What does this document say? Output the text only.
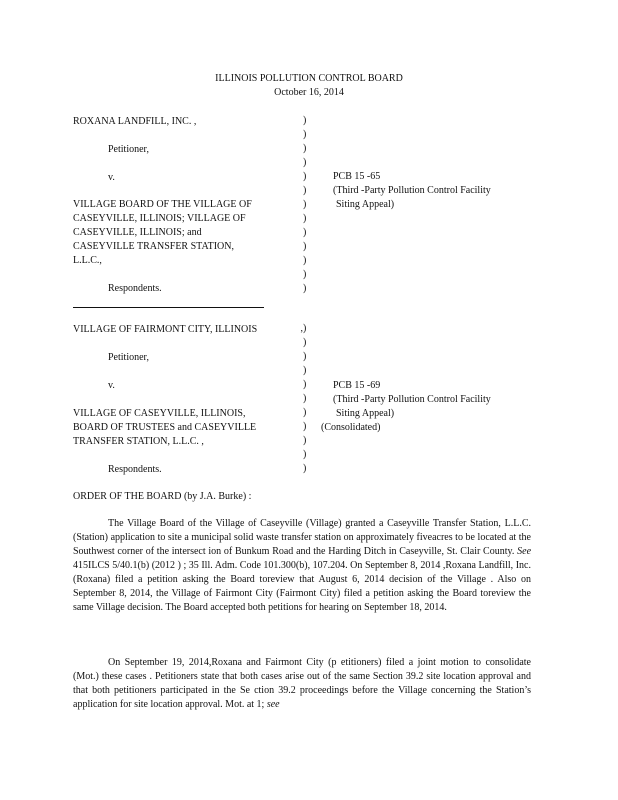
ILLINOIS POLLUTION CONTROL BOARD
October 16, 2014
ROXANA LANDFILL, INC. ,
Petitioner,
v.
VILLAGE BOARD OF THE VILLAGE OF
CASEYVILLE, ILLINOIS; VILLAGE OF
CASEYVILLE, ILLINOIS; and
CASEYVILLE TRANSFER STATION,
L.L.C.,
Respondents.
)
)
)
)
)
)
)
)
)
)
)
)
)
PCB 15 -65
(Third -Party Pollution Control Facility
Siting Appeal)
VILLAGE OF FAIRMONT CITY, ILLINOIS
Petitioner,
v.
VILLAGE OF CASEYVILLE, ILLINOIS,
BOARD OF TRUSTEES and CASEYVILLE
TRANSFER STATION, L.L.C. ,
Respondents.
,)
)
)
)
)
)
)
)
)
)
)
PCB 15 -69
(Third -Party Pollution Control Facility
Siting Appeal)
(Consolidated)
ORDER OF THE BOARD (by J.A. Burke) :

The Village Board of the Village of Caseyville (Village) granted a Caseyville Transfer Station, L.L.C. (Station) application to site a municipal solid waste transfer station on approximately fiveacres to be located at the Southwest corner of the intersect ion of Bunkum Road and the Harding Ditch in Caseyville, St. Clair County. See 415ILCS 5/40.1(b) (2012 ) ; 35 Ill. Adm. Code 101.300(b), 107.204. On September 8, 2014 ,Roxana Landfill, Inc. (Roxana) filed a petition asking the Board toreview that August 6, 2014 decision of the Village . Also on September 8, 2014, the Village of Fairmont City (Fairmont City) filed a petition asking the Board toreview the same Village decision. The Board accepted both petitions for hearing on September 18, 2014.

On September 19, 2014,Roxana and Fairmont City (p etitioners) filed a joint motion to consolidate (Mot.) these cases . Petitioners state that both cases arise out of the same Section 39.2 site location approval and that both petitioners participated in the Se ction 39.2 proceedings before the Village concerning the Station’s application for site location approval. Mot. at 1; see
